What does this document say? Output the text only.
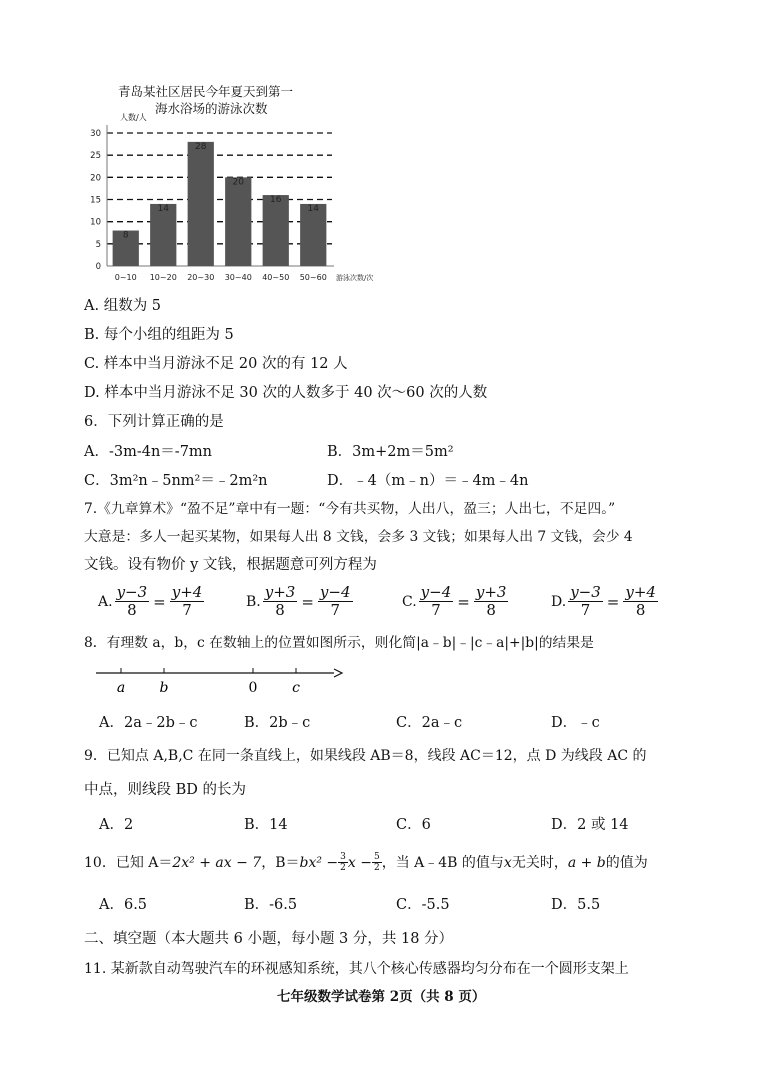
青岛某社区居民今年夏天到第一
海水浴场的游泳次数
人数/人
0
5
10
15
20
25
30
8
0~10
14
10~20
28
20~30
20
30~40
16
40~50
14
50~60 游泳次数/次
A. 组数为 5
B. 每个小组的组距为 5
C. 样本中当月游泳不足 20 次的有 12 人
D. 样本中当月游泳不足 30 次的人数多于 40 次～60 次的人数
6．下列计算正确的是
A．-3m-4n＝-7mn	B．3m+2m＝5m²
C．3m²n﹣5nm²＝﹣2m²n	D．﹣4（m﹣n）＝﹣4m﹣4n
7.《九章算术》“盈不足”章中有一题：“今有共买物，人出八，盈三；人出七，不足四。”
大意是：多人一起买某物，如果每人出 8 文钱，会多 3 文钱；如果每人出 7 文钱，会少 4
文钱。设有物价 y 文钱，根据题意可列方程为
A. $\frac{y-3}{8} = \frac{y+4}{7}$	B. $\frac{y+3}{8} = \frac{y-4}{7}$	C. $\frac{y-4}{7} = \frac{y+3}{8}$	D. $\frac{y-3}{7} = \frac{y+4}{8}$
8．有理数 a，b，c 在数轴上的位置如图所示，则化简|a﹣b|﹣|c﹣a|+|b|的结果是
a b	0 c
A．2a﹣2b﹣c	B．2b﹣c	C．2a﹣c	D．﹣c
9．已知点 A,B,C 在同一条直线上，如果线段 AB＝8，线段 AC＝12，点 D 为线段 AC 的
中点，则线段 BD 的长为
A．2	B．14	C．6	D．2 或 14
10．已知 A＝ 2x² + ax − 7 ，$B= bx^2 - \frac{3}{2}$ $x - \frac{5}{2}$ ，当 A﹣4B 的值与 x 无关时， a + b 的值为
A．6.5	B．-6.5	C．-5.5	D．5.5
二、填空题（本大题共 6 小题，每小题 3 分，共 18 分）
11. 某新款自动驾驶汽车的环视感知系统，其八个核心传感器均匀分布在一个圆形支架上
七年级数学试卷第 2页（共 8 页）
